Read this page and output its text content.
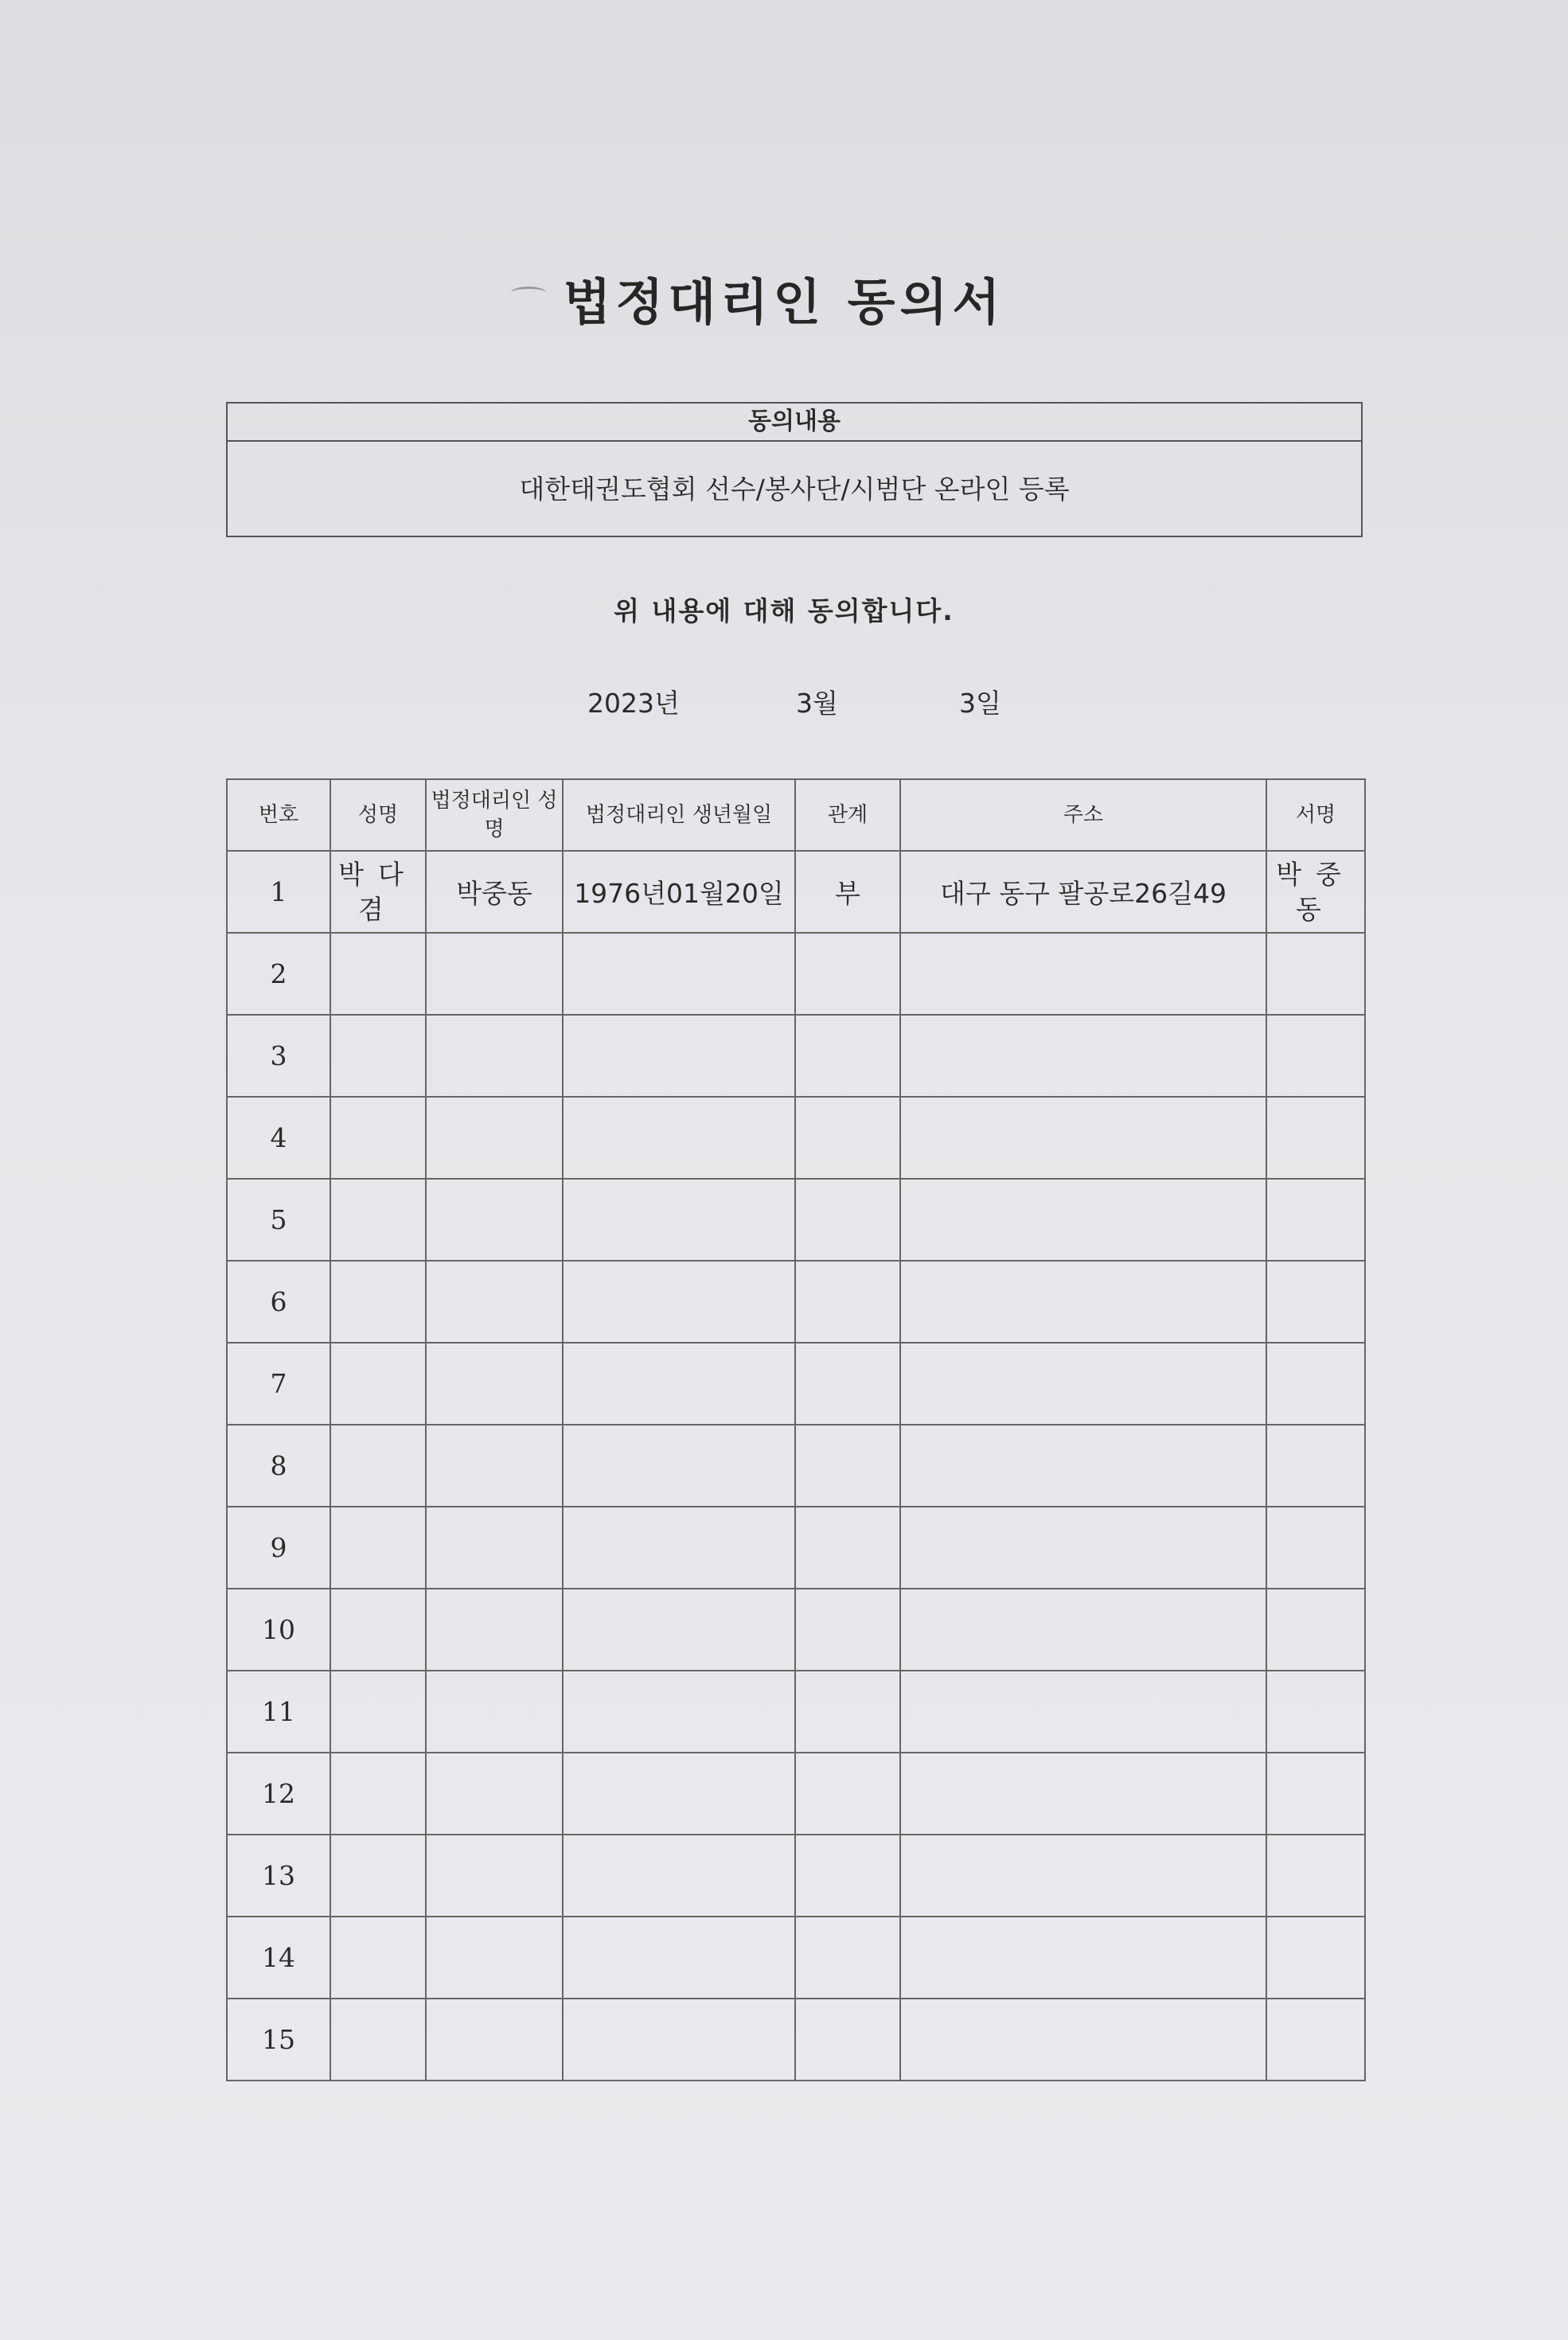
법정대리인 동의서
동의내용
대한태권도협회 선수/봉사단/시범단 온라인 등록
위 내용에 대해 동의합니다.
2023년	3월	3일
번호	성명	법정대리인 성명	법정대리인 생년월일	관계	주소	서명
1	박다겸	박중동	1976년01월20일	부	대구 동구 팔공로26길49	박중동
2						
3						
4						
5						
6						
7						
8						
9						
10						
11						
12						
13						
14						
15						
